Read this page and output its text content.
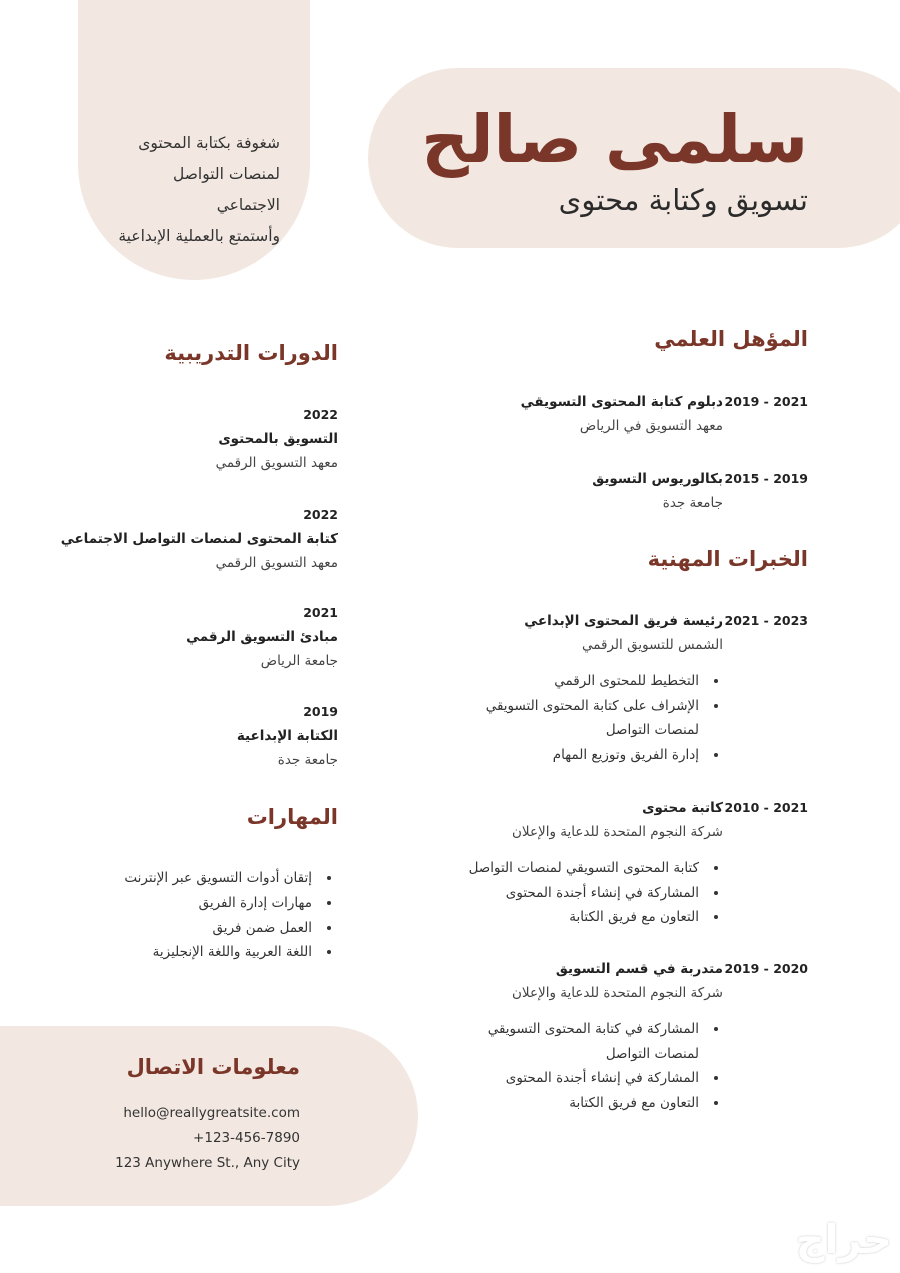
سلمى صالح
تسويق وكتابة محتوى
شغوفة بكتابة المحتوى
لمنصات التواصل
الاجتماعي
وأستمتع بالعملية الإبداعية
المؤهل العلمي
2019 - 2021
دبلوم كتابة المحتوى التسويقي
معهد التسويق في الرياض
2015 - 2019
بكالوريوس التسويق
جامعة جدة
الخبرات المهنية
2021 - 2023
رئيسة فريق المحتوى الإبداعي
الشمس للتسويق الرقمي
• التخطيط للمحتوى الرقمي
• الإشراف على كتابة المحتوى التسويقي لمنصات التواصل
• إدارة الفريق وتوزيع المهام
2010 - 2021
كاتبة محتوى
شركة النجوم المتحدة للدعاية والإعلان
• كتابة المحتوى التسويقي لمنصات التواصل
• المشاركة في إنشاء أجندة المحتوى
• التعاون مع فريق الكتابة
2019 - 2020
متدربة في قسم التسويق
شركة النجوم المتحدة للدعاية والإعلان
• المشاركة في كتابة المحتوى التسويقي لمنصات التواصل
• المشاركة في إنشاء أجندة المحتوى
• التعاون مع فريق الكتابة
الدورات التدريبية
2022
التسويق بالمحتوى
معهد التسويق الرقمي
2022
كتابة المحتوى لمنصات التواصل الاجتماعي
معهد التسويق الرقمي
2021
مبادئ التسويق الرقمي
جامعة الرياض
2019
الكتابة الإبداعية
جامعة جدة
المهارات
• إتقان أدوات التسويق عبر الإنترنت
• مهارات إدارة الفريق
• العمل ضمن فريق
• اللغة العربية واللغة الإنجليزية
معلومات الاتصال
hello@reallygreatsite.com
+123-456-7890
123 Anywhere St., Any City
حراج
